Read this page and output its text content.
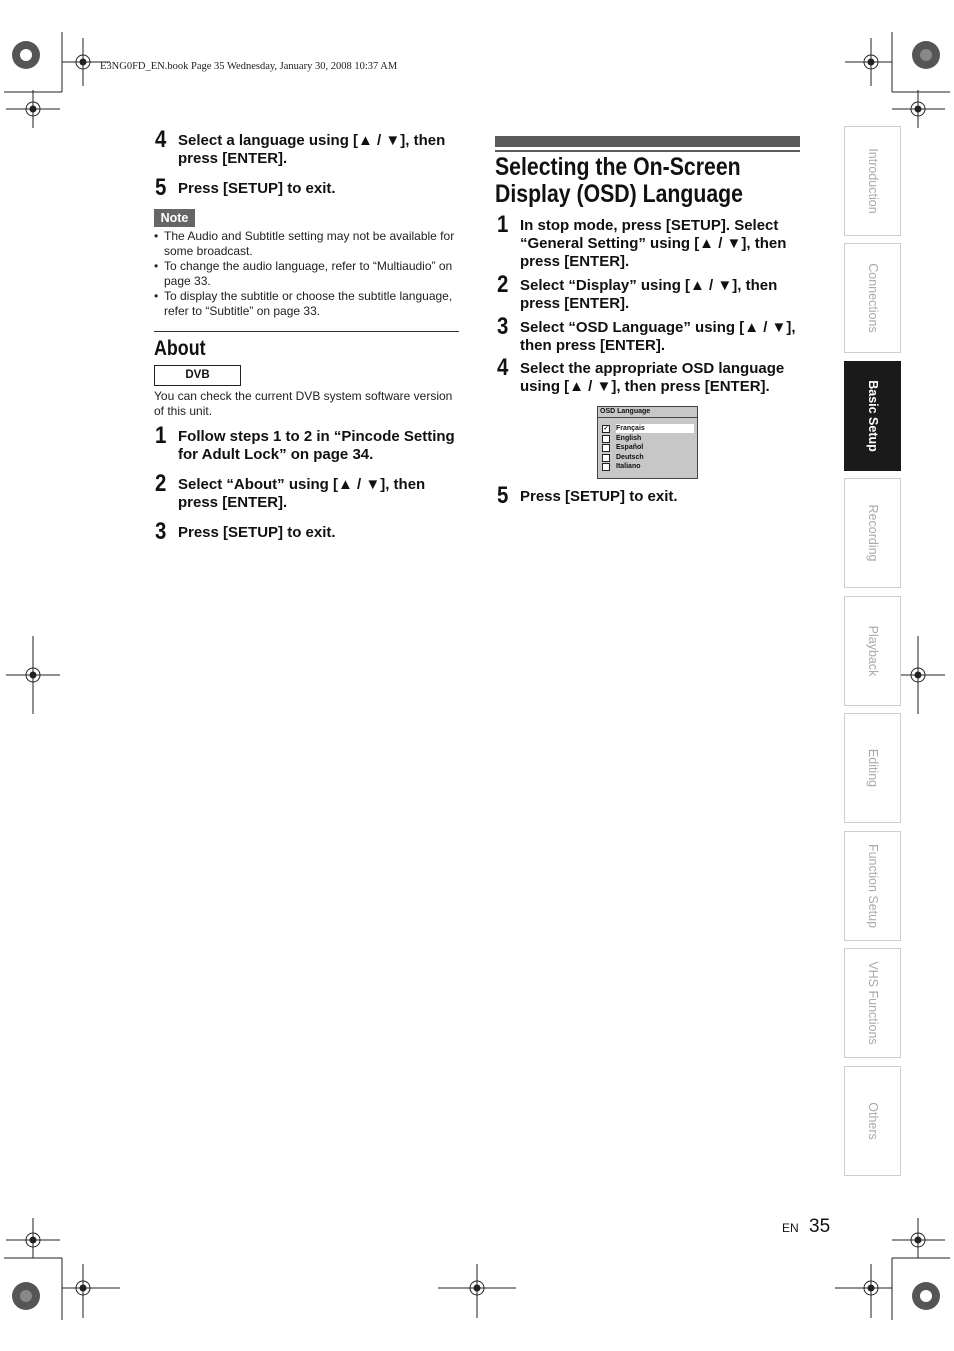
E3NG0FD_EN.book Page 35 Wednesday, January 30, 2008 10:37 AM
4 Select a language using [▲ / ▼], then press [ENTER].
5 Press [SETUP] to exit.
Note
• The Audio and Subtitle setting may not be available for some broadcast.
• To change the audio language, refer to “Multiaudio” on page 33.
• To display the subtitle or choose the subtitle language, refer to “Subtitle” on page 33.
About
DVB
You can check the current DVB system software version of this unit.
1 Follow steps 1 to 2 in “Pincode Setting for Adult Lock” on page 34.
2 Select “About” using [▲ / ▼], then press [ENTER].
3 Press [SETUP] to exit.
Selecting the On-Screen Display (OSD) Language
1 In stop mode, press [SETUP]. Select “General Setting” using [▲ / ▼], then press [ENTER].
2 Select “Display” using [▲ / ▼], then press [ENTER].
3 Select “OSD Language” using [▲ / ▼], then press [ENTER].
4 Select the appropriate OSD language using [▲ / ▼], then press [ENTER].
OSD Language
✓ Français
English
Español
Deutsch
Italiano
5 Press [SETUP] to exit.
Introduction
Connections
Basic Setup
Recording
Playback
Editing
Function Setup
VHS Functions
Others
EN 35
